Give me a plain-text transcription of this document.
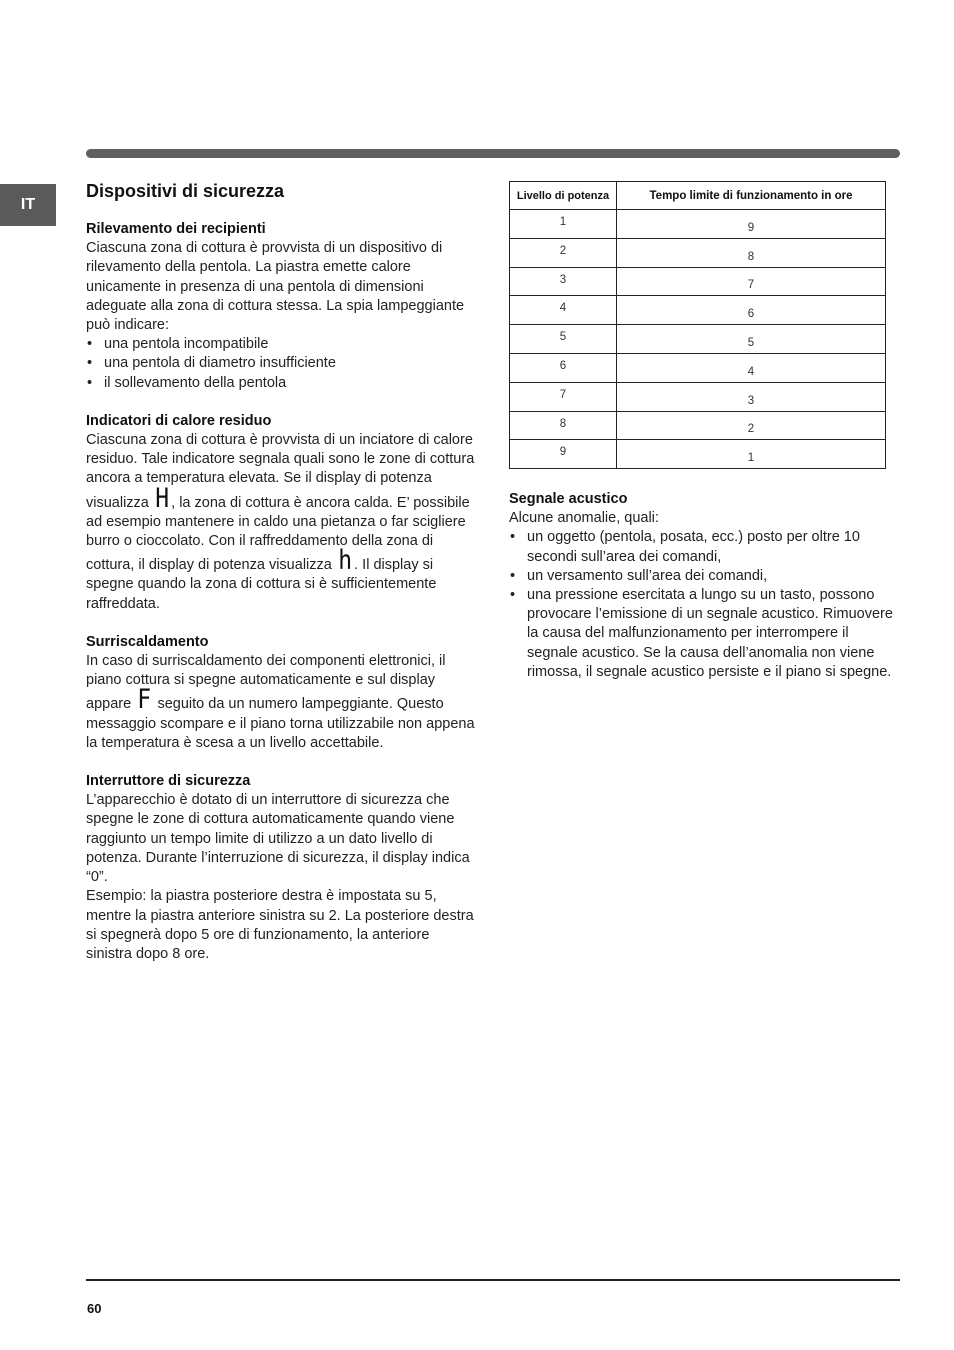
IT
Dispositivi di sicurezza
Rilevamento dei recipienti

Ciascuna zona di cottura è provvista di un dispositivo di rilevamento della pentola. La piastra emette calore unicamente in presenza di una pentola di dimensioni adeguate alla zona di cottura stessa. La spia lampeggiante può indicare:

• una pentola incompatibile
• una pentola di diametro insufficiente
• il sollevamento della pentola
Indicatori di calore residuo

Ciascuna zona di cottura è provvista di un inciatore di calore residuo. Tale indicatore segnala quali sono le zone di cottura ancora a temperatura elevata. Se il display di potenza visualizza H , la zona di cottura è ancora calda. E’ possibile ad esempio mantenere in caldo una pietanza o far scigliere burro o cioccolato. Con il raffreddamento della zona di cottura, il display di potenza visualizza h . Il display si spegne quando la zona di cottura si è sufficientemente raffreddata.

Surriscaldamento

In caso di surriscaldamento dei componenti elettronici, il piano cottura si spegne automaticamente e sul display appare F seguito da un numero lampeggiante. Questo messaggio scompare e il piano torna utilizzabile non appena la temperatura è scesa a un livello accettabile.

Interruttore di sicurezza

L’apparecchio è dotato di un interruttore di sicurezza che spegne le zone di cottura automaticamente quando viene raggiunto un tempo limite di utilizzo a un dato livello di potenza. Durante l’interruzione di sicurezza, il display indica “0”.

Esempio: la piastra posteriore destra è impostata su 5, mentre la piastra anteriore sinistra su 2. La posteriore destra si spegnerà dopo 5 ore di funzionamento, la anteriore sinistra dopo 8 ore.

Livello di potenza	Tempo limite di funzionamento in ore
1	9
2	8
3	7
4	6
5	5
6	4
7	3
8	2
9	1
Segnale acustico

Alcune anomalie, quali:

• un oggetto (pentola, posata, ecc.) posto per oltre 10 secondi sull’area dei comandi,
• un versamento sull’area dei comandi,
• una pressione esercitata a lungo su un tasto, possono provocare l’emissione di un segnale acustico. Rimuovere la causa del malfunzionamento per interrompere il segnale acustico. Se la causa dell’anomalia non viene rimossa, il segnale acustico persiste e il piano si spegne.
60
